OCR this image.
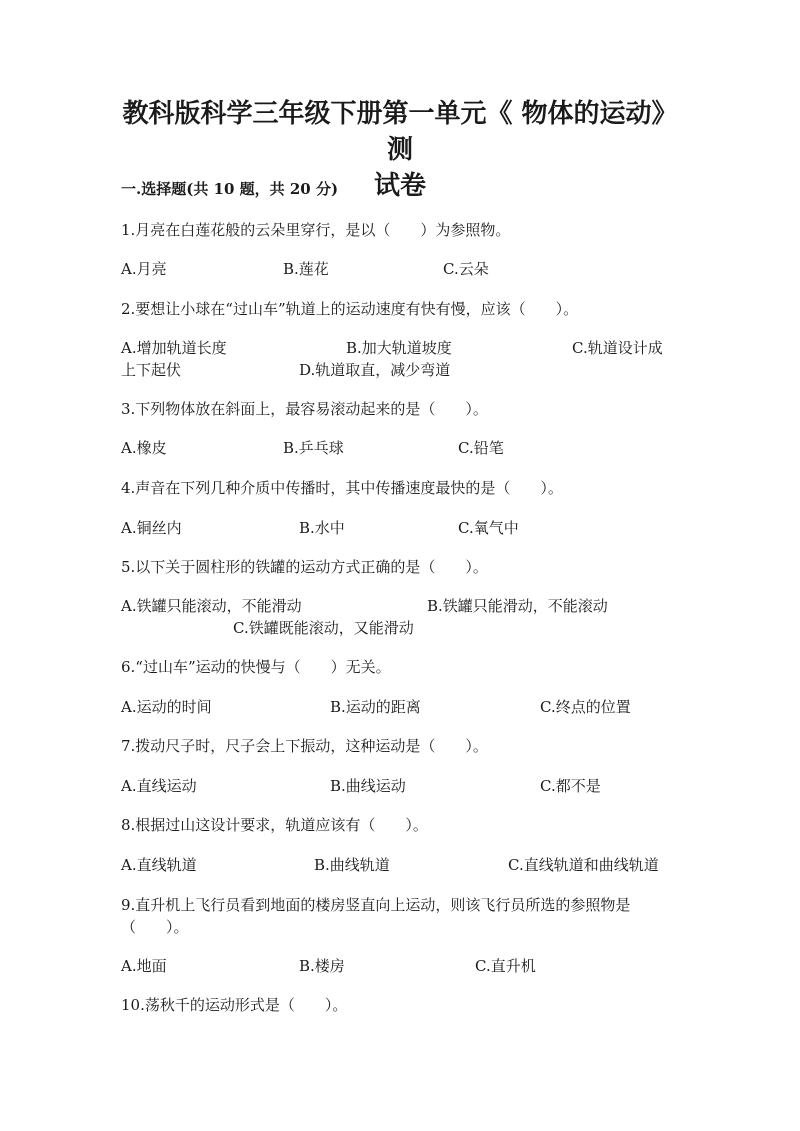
教科版科学三年级下册第一单元《 物体的运动》测
试卷

一.选择题(共 10 题，共 20 分)

1.月亮在白莲花般的云朵里穿行，是以（　　）为参照物。
A.月亮	B.莲花	C.云朵
2.要想让小球在“过山车”轨道上的运动速度有快有慢，应该（　　）。
A.增加轨道长度	B.加大轨道坡度	C.轨道设计成
上下起伏	D.轨道取直，减少弯道
3.下列物体放在斜面上，最容易滚动起来的是（　　）。
A.橡皮	B.乒乓球	C.铅笔
4.声音在下列几种介质中传播时，其中传播速度最快的是（　　）。
A.铜丝内	B.水中	C.氧气中
5.以下关于圆柱形的铁罐的运动方式正确的是（　　）。
A.铁罐只能滚动，不能滑动	B.铁罐只能滑动，不能滚动
C.铁罐既能滚动，又能滑动
6.“过山车”运动的快慢与（　　）无关。
A.运动的时间	B.运动的距离	C.终点的位置
7.拨动尺子时，尺子会上下振动，这种运动是（　　）。
A.直线运动	B.曲线运动	C.都不是
8.根据过山这设计要求，轨道应该有（　　）。
A.直线轨道	B.曲线轨道	C.直线轨道和曲线轨道
9.直升机上飞行员看到地面的楼房竖直向上运动，则该飞行员所选的参照物是
（　　）。
A.地面	B.楼房	C.直升机
10.荡秋千的运动形式是（　　）。
